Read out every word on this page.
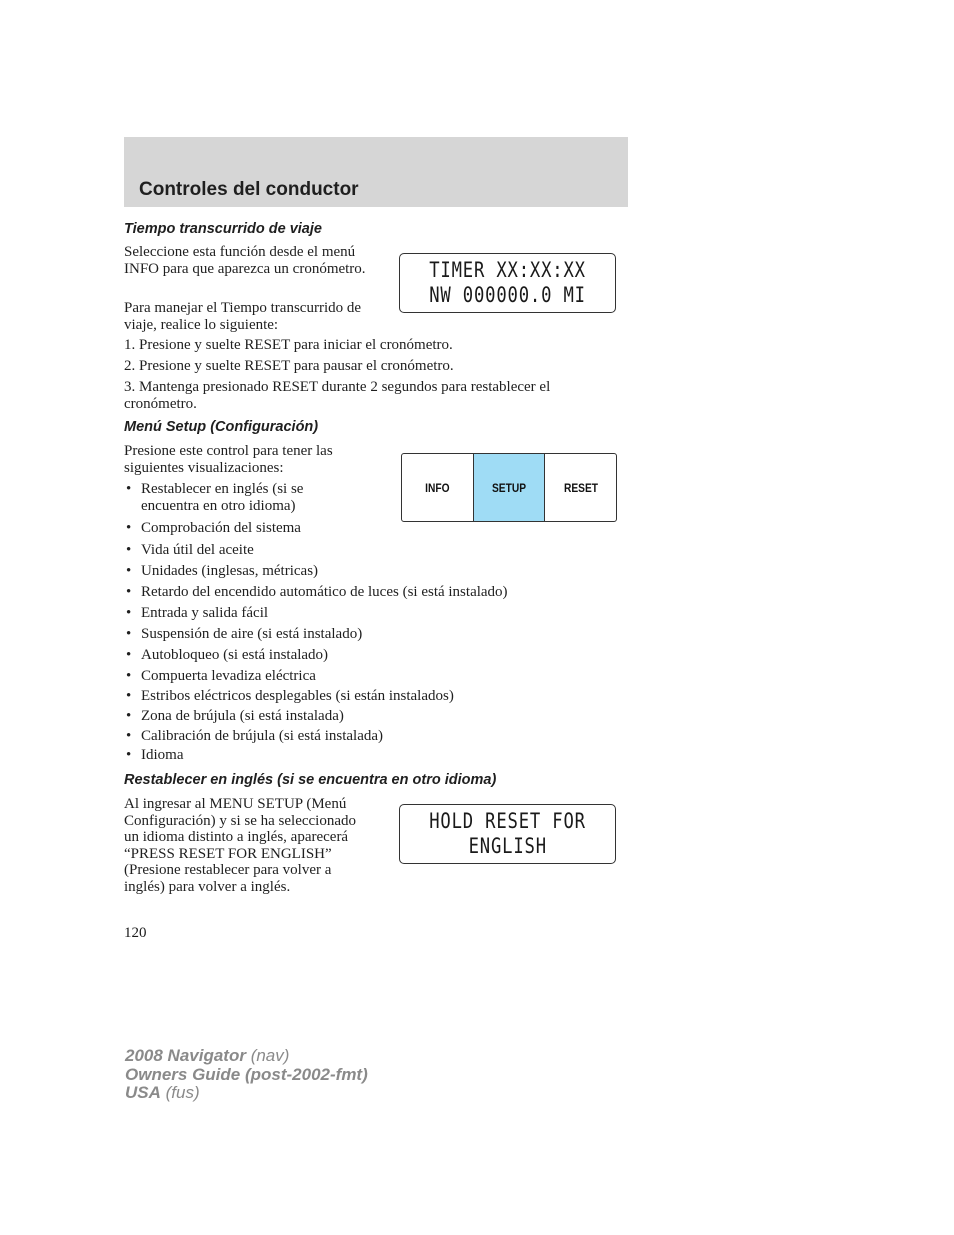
Controles del conductor
Tiempo transcurrido de viaje
Seleccione esta función desde el menú INFO para que aparezca un cronómetro.
Para manejar el Tiempo transcurrido de viaje, realice lo siguiente:
TIMER XX:XX:XX
NW 000000.0 MI
1. Presione y suelte RESET para iniciar el cronómetro.
2. Presione y suelte RESET para pausar el cronómetro.
3. Mantenga presionado RESET durante 2 segundos para restablecer el cronómetro.
Menú Setup (Configuración)
Presione este control para tener las siguientes visualizaciones:
INFO	SETUP	RESET
• Restablecer en inglés (si se encuentra en otro idioma)
• Comprobación del sistema
• Vida útil del aceite
• Unidades (inglesas, métricas)
• Retardo del encendido automático de luces (si está instalado)
• Entrada y salida fácil
• Suspensión de aire (si está instalado)
• Autobloqueo (si está instalado)
• Compuerta levadiza eléctrica
• Estribos eléctricos desplegables (si están instalados)
• Zona de brújula (si está instalada)
• Calibración de brújula (si está instalada)
• Idioma
Restablecer en inglés (si se encuentra en otro idioma)
Al ingresar al MENU SETUP (Menú Configuración) y si se ha seleccionado un idioma distinto a inglés, aparecerá “PRESS RESET FOR ENGLISH” (Presione restablecer para volver a inglés) para volver a inglés.
HOLD RESET FOR
ENGLISH
120
2008 Navigator (nav)
Owners Guide (post-2002-fmt)
USA (fus)
